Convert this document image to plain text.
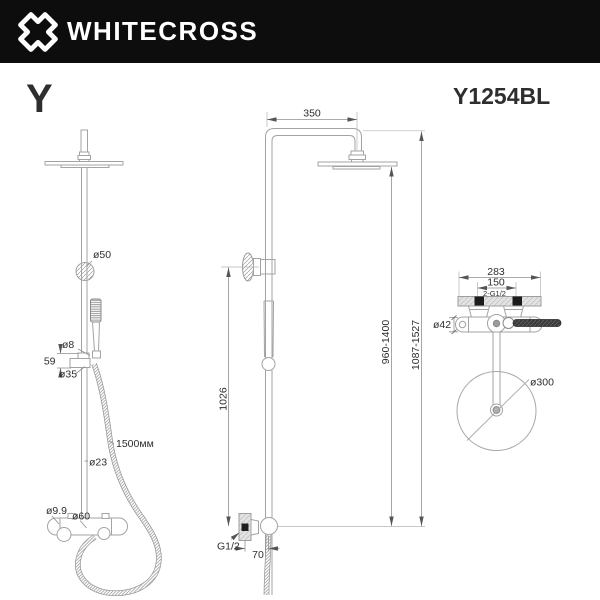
WHITECROSS
Y	Y1254BL
ø50
ø8
59
ø35
1500мм
ø23
ø9.9 ø60
350
960-1400 1087-1527
1026
G1/2
70
283
150
2-G1/2
ø42
ø300
